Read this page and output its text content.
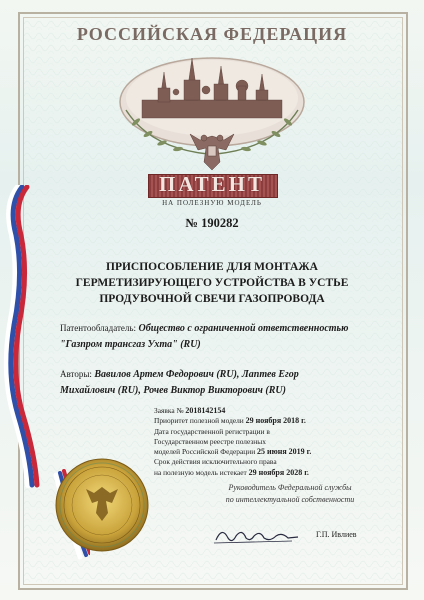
РОССИЙСКАЯ ФЕДЕРАЦИЯ
ПАТЕНТ
НА ПОЛЕЗНУЮ МОДЕЛЬ
№ 190282
ПРИСПОСОБЛЕНИЕ ДЛЯ МОНТАЖА
ГЕРМЕТИЗИРУЮЩЕГО УСТРОЙСТВА В УСТЬЕ
ПРОДУВОЧНОЙ СВЕЧИ ГАЗОПРОВОДА
Патентообладатель: Общество с ограниченной ответственностью
"Газпром трансгаз Ухта" (RU)
Авторы: Вавилов Артем Федорович (RU), Лаптев Егор
Михайлович (RU), Рочев Виктор Викторович (RU)
Заявка № 2018142154
Приоритет полезной модели 29 ноября 2018 г.
Дата государственной регистрации в
Государственном реестре полезных
моделей Российской Федерации 25 июня 2019 г.
Срок действия исключительного права
на полезную модель истекает 29 ноября 2028 г.
Руководитель Федеральной службы
по интеллектуальной собственности
Г.П. Ивлиев
